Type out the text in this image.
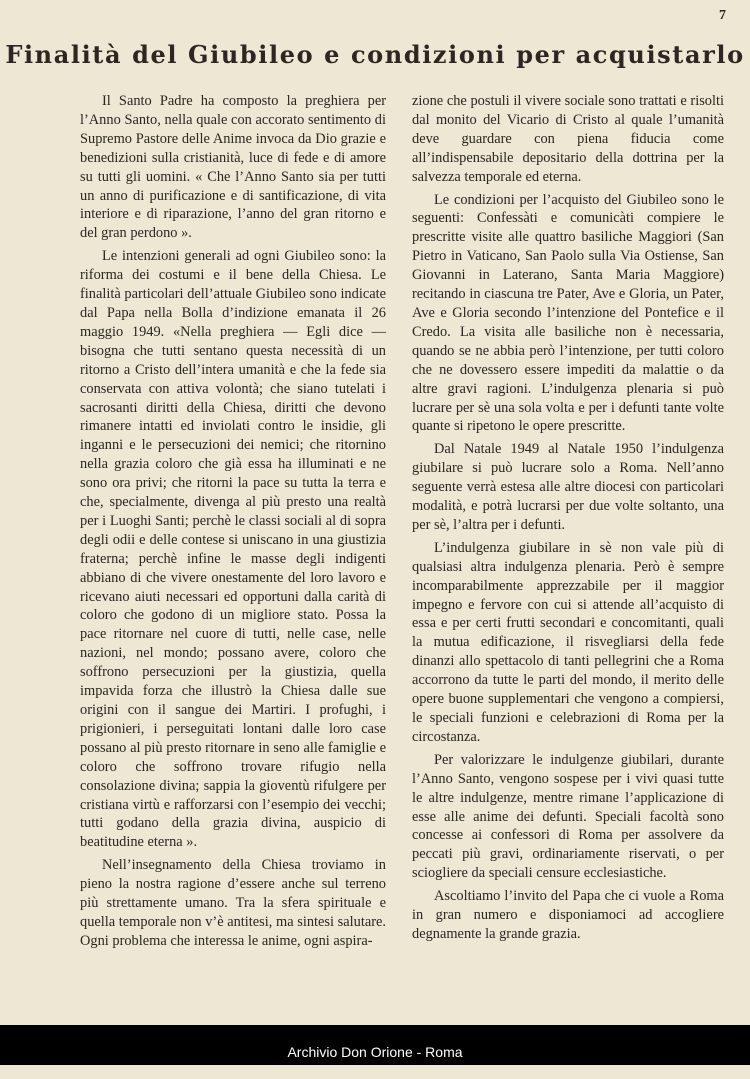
7
Finalità del Giubileo e condizioni per acquistarlo

Il Santo Padre ha composto la preghiera per l’Anno Santo, nella quale con accorato sentimento di Supremo Pastore delle Anime invoca da Dio grazie e benedizioni sulla cristianità, luce di fede e di amore su tutti gli uomini. « Che l’Anno Santo sia per tutti un anno di purificazione e di santificazione, di vita interiore e di riparazione, l’anno del gran ritorno e del gran perdono ».

Le intenzioni generali ad ogni Giubileo sono: la riforma dei costumi e il bene della Chiesa. Le finalità particolari dell’attuale Giubileo sono indicate dal Papa nella Bolla d’indizione emanata il 26 maggio 1949. «Nella preghiera — Egli dice — bisogna che tutti sentano questa necessità di un ritorno a Cristo dell’intera umanità e che la fede sia conservata con attiva volontà; che siano tutelati i sacrosanti diritti della Chiesa, diritti che devono rimanere intatti ed inviolati contro le insidie, gli inganni e le persecuzioni dei nemici; che ritornino nella grazia coloro che già essa ha illuminati e ne sono ora privi; che ritorni la pace su tutta la terra e che, specialmente, divenga al più presto una realtà per i Luoghi Santi; perchè le classi sociali al di sopra degli odii e delle contese si uniscano in una giustizia fraterna; perchè infine le masse degli indigenti abbiano di che vivere onestamente del loro lavoro e ricevano aiuti necessari ed opportuni dalla carità di coloro che godono di un migliore stato. Possa la pace ritornare nel cuore di tutti, nelle case, nelle nazioni, nel mondo; possano avere, coloro che soffrono persecuzioni per la giustizia, quella impavida forza che illustrò la Chiesa dalle sue origini con il sangue dei Martiri. I profughi, i prigionieri, i perseguitati lontani dalle loro case possano al più presto ritornare in seno alle famiglie e coloro che soffrono trovare rifugio nella consolazione divina; sappia la gioventù rifulgere per cristiana virtù e rafforzarsi con l’esempio dei vecchi; tutti godano della grazia divina, auspicio di beatitudine eterna ».

Nell’insegnamento della Chiesa troviamo in pieno la nostra ragione d’essere anche sul terreno più strettamente umano. Tra la sfera spirituale e quella temporale non v’è antitesi, ma sintesi salutare. Ogni problema che interessa le anime, ogni aspira-

zione che postuli il vivere sociale sono trattati e risolti dal monito del Vicario di Cristo al quale l’umanità deve guardare con piena fiducia come all’indispensabile depositario della dottrina per la salvezza temporale ed eterna.

Le condizioni per l’acquisto del Giubileo sono le seguenti: Confessàti e comunicàti compiere le prescritte visite alle quattro basiliche Maggiori (San Pietro in Vaticano, San Paolo sulla Via Ostiense, San Giovanni in Laterano, Santa Maria Maggiore) recitando in ciascuna tre Pater, Ave e Gloria, un Pater, Ave e Gloria secondo l’intenzione del Pontefice e il Credo. La visita alle basiliche non è necessaria, quando se ne abbia però l’intenzione, per tutti coloro che ne dovessero essere impediti da malattie o da altre gravi ragioni. L’indulgenza plenaria si può lucrare per sè una sola volta e per i defunti tante volte quante si ripetono le opere prescritte.

Dal Natale 1949 al Natale 1950 l’indulgenza giubilare si può lucrare solo a Roma. Nell’anno seguente verrà estesa alle altre diocesi con particolari modalità, e potrà lucrarsi per due volte soltanto, una per sè, l’altra per i defunti.

L’indulgenza giubilare in sè non vale più di qualsiasi altra indulgenza plenaria. Però è sempre incomparabilmente apprezzabile per il maggior impegno e fervore con cui si attende all’acquisto di essa e per certi frutti secondari e concomitanti, quali la mutua edificazione, il risvegliarsi della fede dinanzi allo spettacolo di tanti pellegrini che a Roma accorrono da tutte le parti del mondo, il merito delle opere buone supplementari che vengono a compiersi, le speciali funzioni e celebrazioni di Roma per la circostanza.

Per valorizzare le indulgenze giubilari, durante l’Anno Santo, vengono sospese per i vivi quasi tutte le altre indulgenze, mentre rimane l’applicazione di esse alle anime dei defunti. Speciali facoltà sono concesse ai confessori di Roma per assolvere da peccati più gravi, ordinariamente riservati, o per sciogliere da speciali censure ecclesiastiche.

Ascoltiamo l’invito del Papa che ci vuole a Roma in gran numero e disponiamoci ad accogliere degnamente la grande grazia.

Archivio Don Orione - Roma
